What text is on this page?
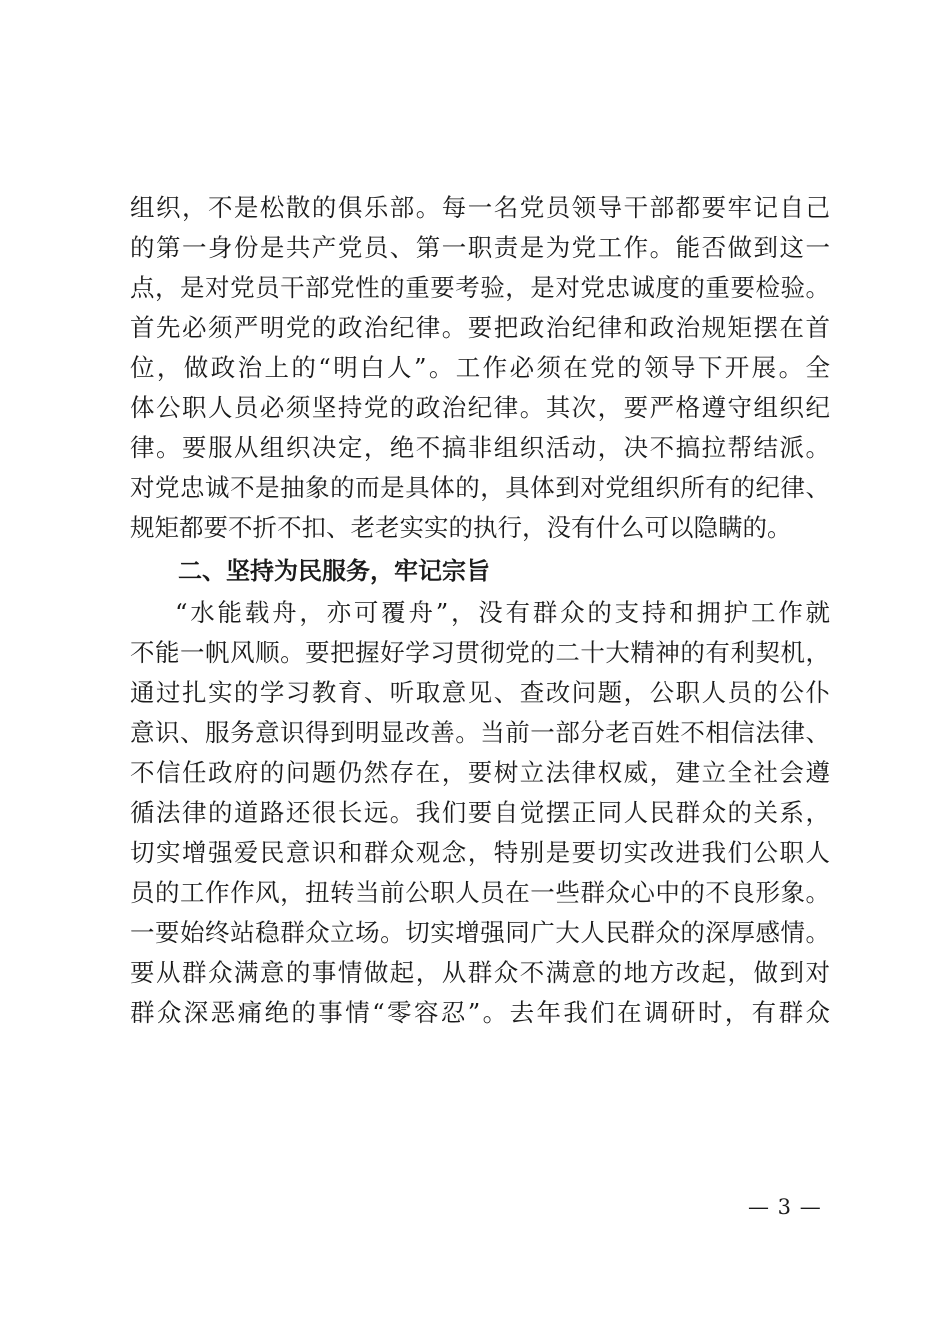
组织，不是松散的俱乐部。每一名党员领导干部都要牢记自己
的第一身份是共产党员、第一职责是为党工作。能否做到这一
点，是对党员干部党性的重要考验，是对党忠诚度的重要检验。
首先必须严明党的政治纪律。要把政治纪律和政治规矩摆在首
位，做政治上的“明白人”。工作必须在党的领导下开展。全
体公职人员必须坚持党的政治纪律。其次，要严格遵守组织纪
律。要服从组织决定，绝不搞非组织活动，决不搞拉帮结派。
对党忠诚不是抽象的而是具体的，具体到对党组织所有的纪律、
规矩都要不折不扣、老老实实的执行，没有什么可以隐瞒的。
二、坚持为民服务，牢记宗旨
“水能载舟，亦可覆舟”，没有群众的支持和拥护工作就
不能一帆风顺。要把握好学习贯彻党的二十大精神的有利契机，
通过扎实的学习教育、听取意见、查改问题，公职人员的公仆
意识、服务意识得到明显改善。当前一部分老百姓不相信法律、
不信任政府的问题仍然存在，要树立法律权威，建立全社会遵
循法律的道路还很长远。我们要自觉摆正同人民群众的关系，
切实增强爱民意识和群众观念，特别是要切实改进我们公职人
员的工作作风，扭转当前公职人员在一些群众心中的不良形象。
一要始终站稳群众立场。切实增强同广大人民群众的深厚感情。
要从群众满意的事情做起，从群众不满意的地方改起，做到对
群众深恶痛绝的事情“零容忍”。去年我们在调研时，有群众
— 3 —
